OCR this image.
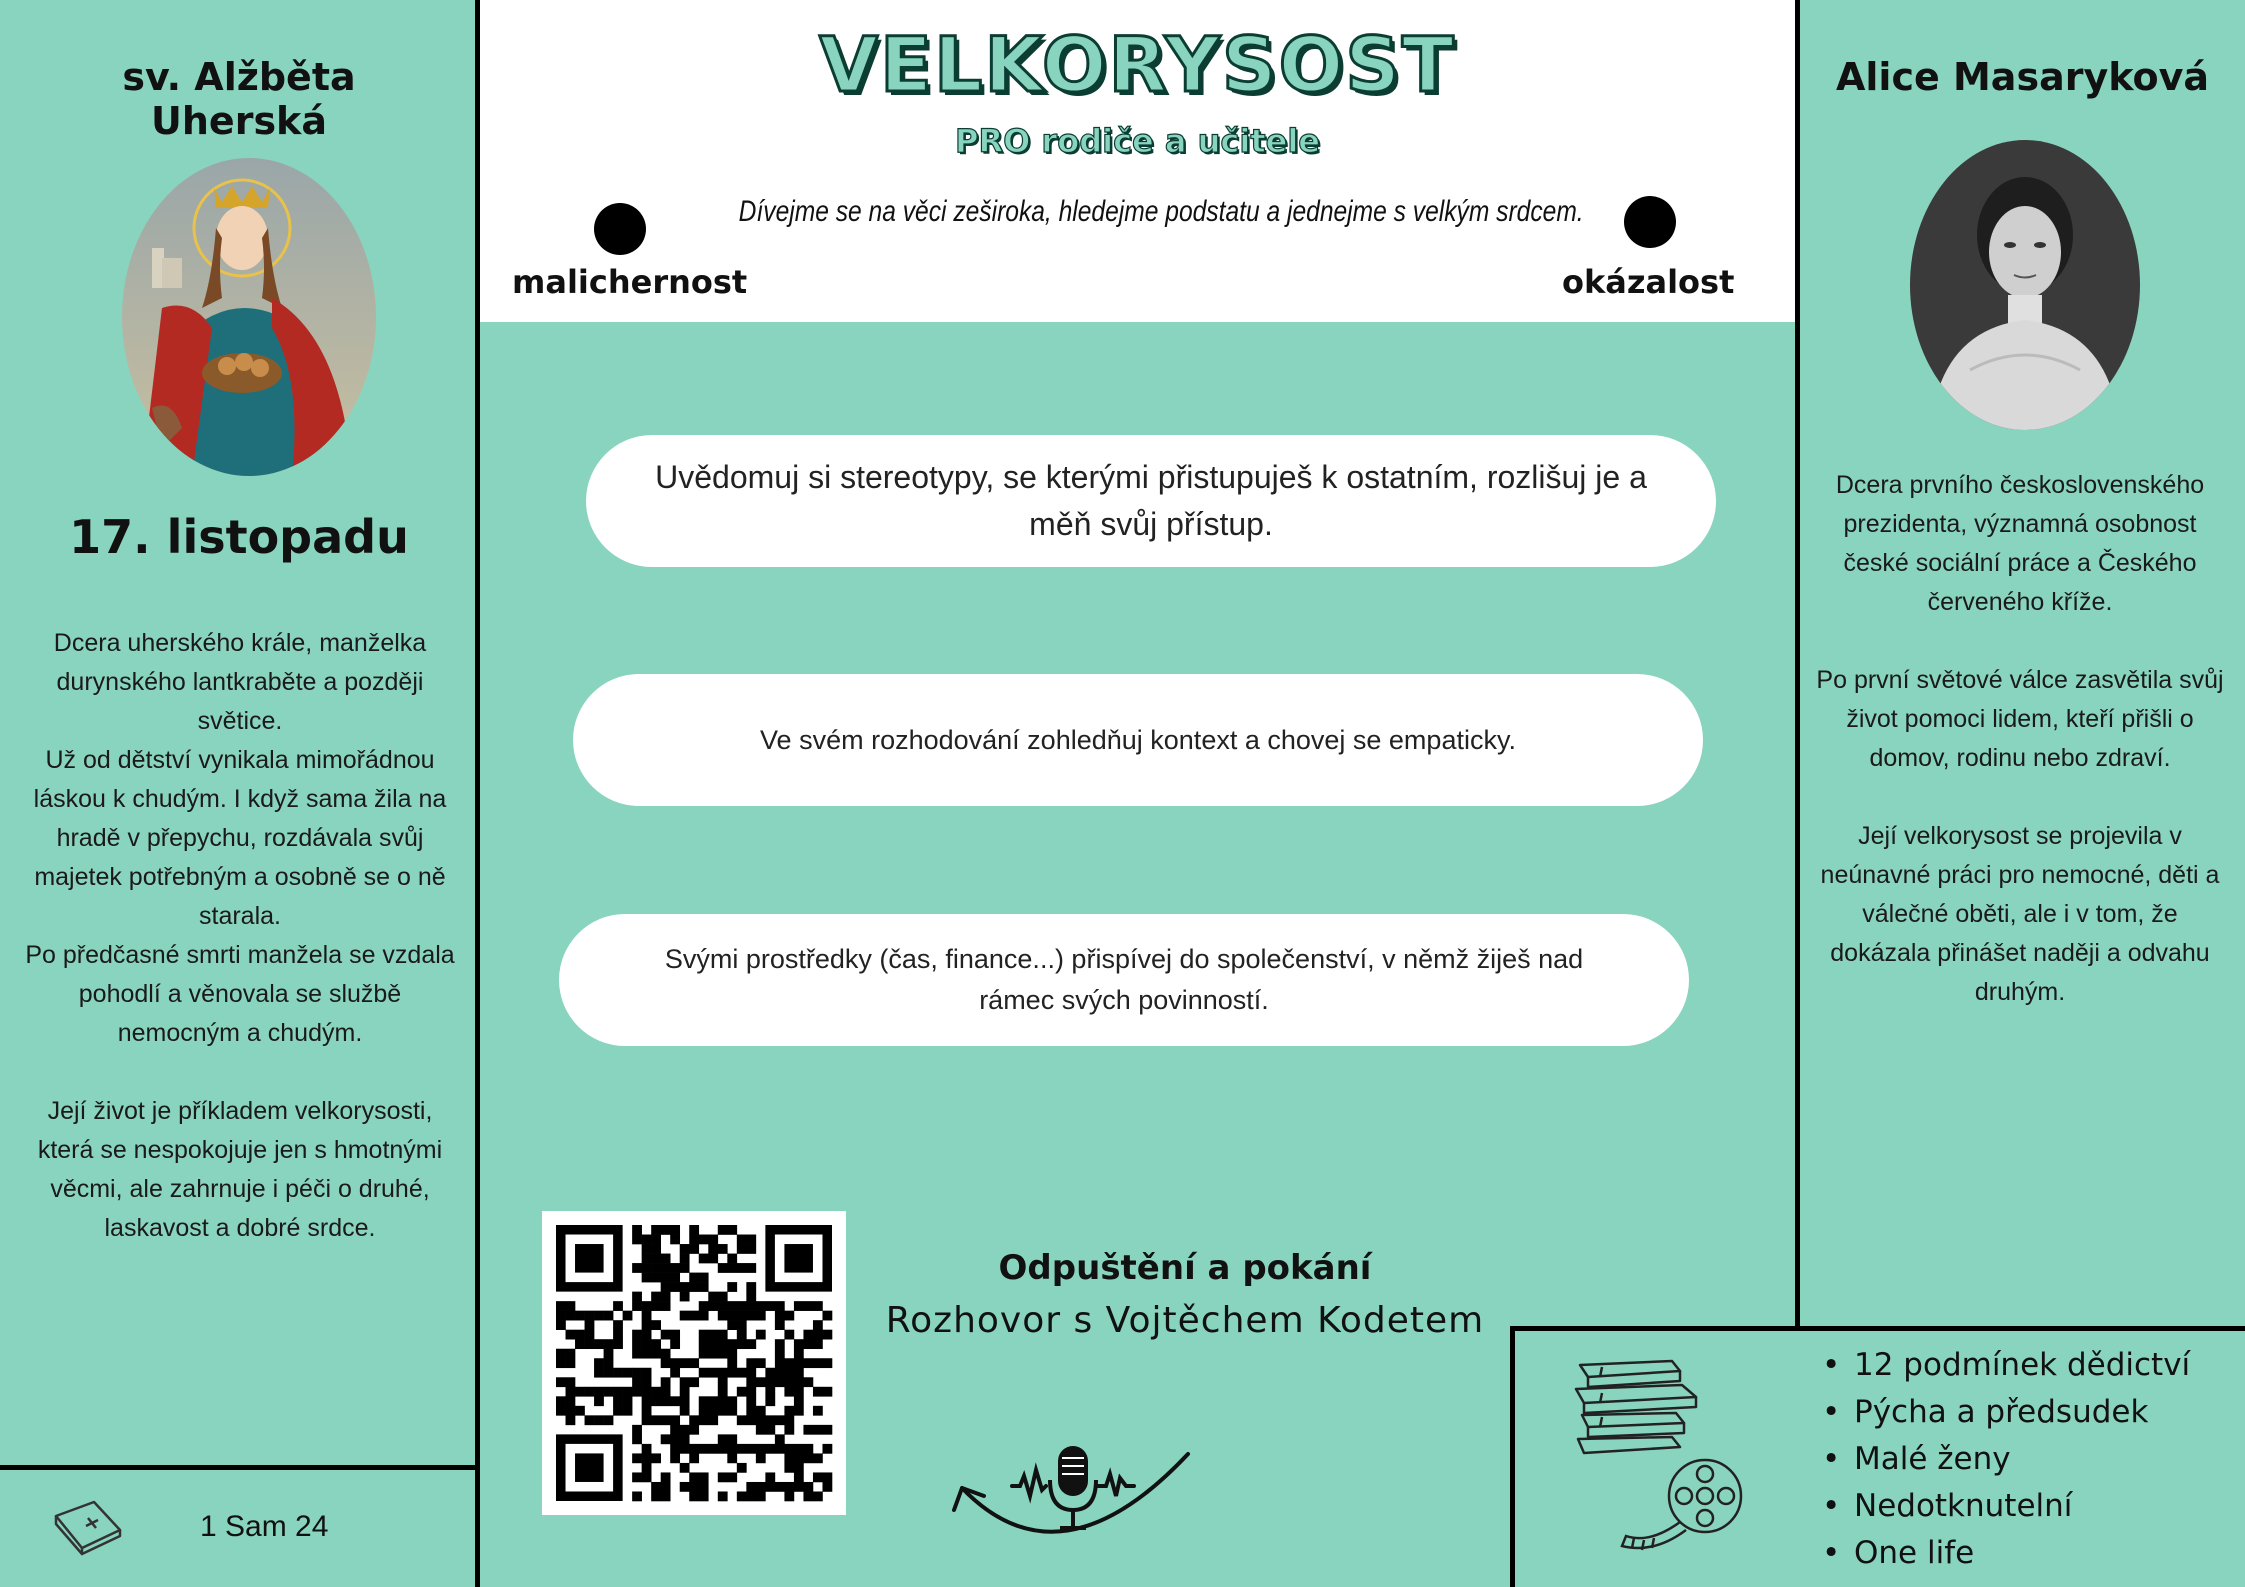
VELKORYSOST
PRO rodiče a učitele
Dívejme se na věci zeširoka, hledejme podstatu a jednejme s velkým srdcem.
malichernost	okázalost
sv. Alžběta
Uherská
17. listopadu
Dcera uherského krále, manželka durynského lantkraběte a později světice.
Už od dětství vynikala mimořádnou láskou k chudým. I když sama žila na hradě v přepychu, rozdávala svůj majetek potřebným a osobně se o ně starala.
Po předčasné smrti manžela se vzdala pohodlí a věnovala se službě nemocným a chudým.

Její život je příkladem velkorysosti, která se nespokojuje jen s hmotnými věcmi, ale zahrnuje i péči o druhé, laskavost a dobré srdce.
1 Sam 24
Alice Masaryková
Dcera prvního československého prezidenta, významná osobnost české sociální práce a Českého červeného kříže.

Po první světové válce zasvětila svůj život pomoci lidem, kteří přišli o domov, rodinu nebo zdraví.

Její velkorysost se projevila v neúnavné práci pro nemocné, děti a válečné oběti, ale i v tom, že dokázala přinášet naději a odvahu druhým.
Uvědomuj si stereotypy, se kterými přistupuješ k ostatním, rozlišuj je a měň svůj přístup.
Ve svém rozhodování zohledňuj kontext a chovej se empaticky.
Svými prostředky (čas, finance...) přispívej do společenství, v němž žiješ nad rámec svých povinností.
Odpuštění a pokání
Rozhovor s Vojtěchem Kodetem
• 12 podmínek dědictví
• Pýcha a předsudek
• Malé ženy
• Nedotknutelní
• One life
